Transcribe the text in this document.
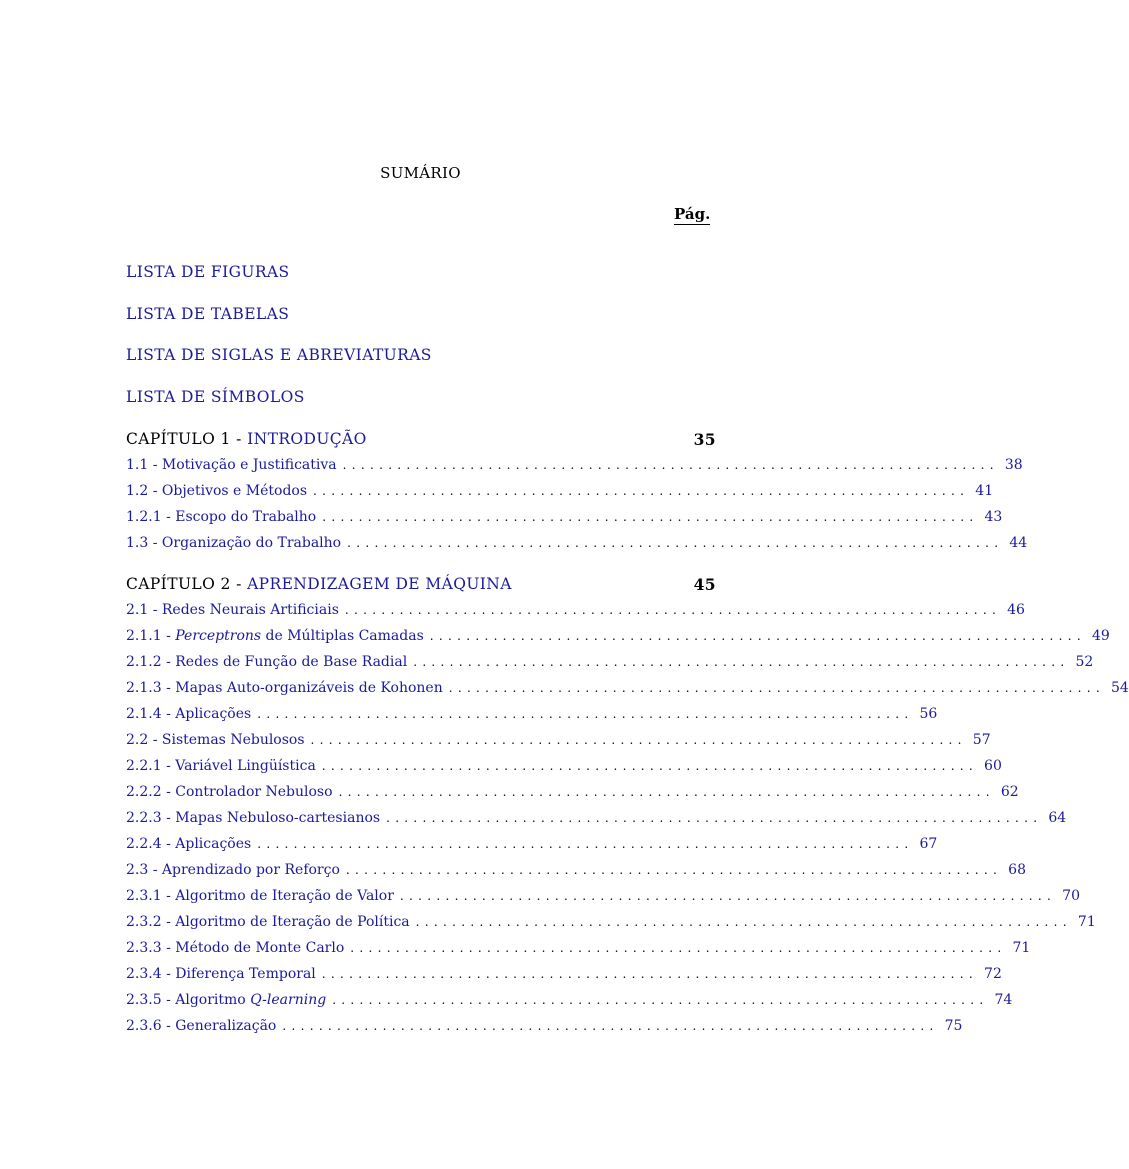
SUMÁRIO
Pág.
LISTA DE FIGURAS
LISTA DE TABELAS
LISTA DE SIGLAS E ABREVIATURAS
LISTA DE SÍMBOLOS
CAPÍTULO 1 - INTRODUÇÃO	35
1.1 - Motivação e Justificativa ........................................................................ 38
1.2 - Objetivos e Métodos ........................................................................ 41
1.2.1 - Escopo do Trabalho ........................................................................ 43
1.3 - Organização do Trabalho ........................................................................ 44
CAPÍTULO 2 - APRENDIZAGEM DE MÁQUINA	45
2.1 - Redes Neurais Artificiais ........................................................................ 46
2.1.1 - Perceptrons de Múltiplas Camadas ........................................................................ 49
2.1.2 - Redes de Função de Base Radial ........................................................................ 52
2.1.3 - Mapas Auto-organizáveis de Kohonen ........................................................................ 54
2.1.4 - Aplicações ........................................................................ 56
2.2 - Sistemas Nebulosos ........................................................................ 57
2.2.1 - Variável Lingüística ........................................................................ 60
2.2.2 - Controlador Nebuloso ........................................................................ 62
2.2.3 - Mapas Nebuloso-cartesianos ........................................................................ 64
2.2.4 - Aplicações ........................................................................ 67
2.3 - Aprendizado por Reforço ........................................................................ 68
2.3.1 - Algoritmo de Iteração de Valor ........................................................................ 70
2.3.2 - Algoritmo de Iteração de Política ........................................................................ 71
2.3.3 - Método de Monte Carlo ........................................................................ 71
2.3.4 - Diferença Temporal ........................................................................ 72
2.3.5 - Algoritmo Q-learning ........................................................................ 74
2.3.6 - Generalização ........................................................................ 75
